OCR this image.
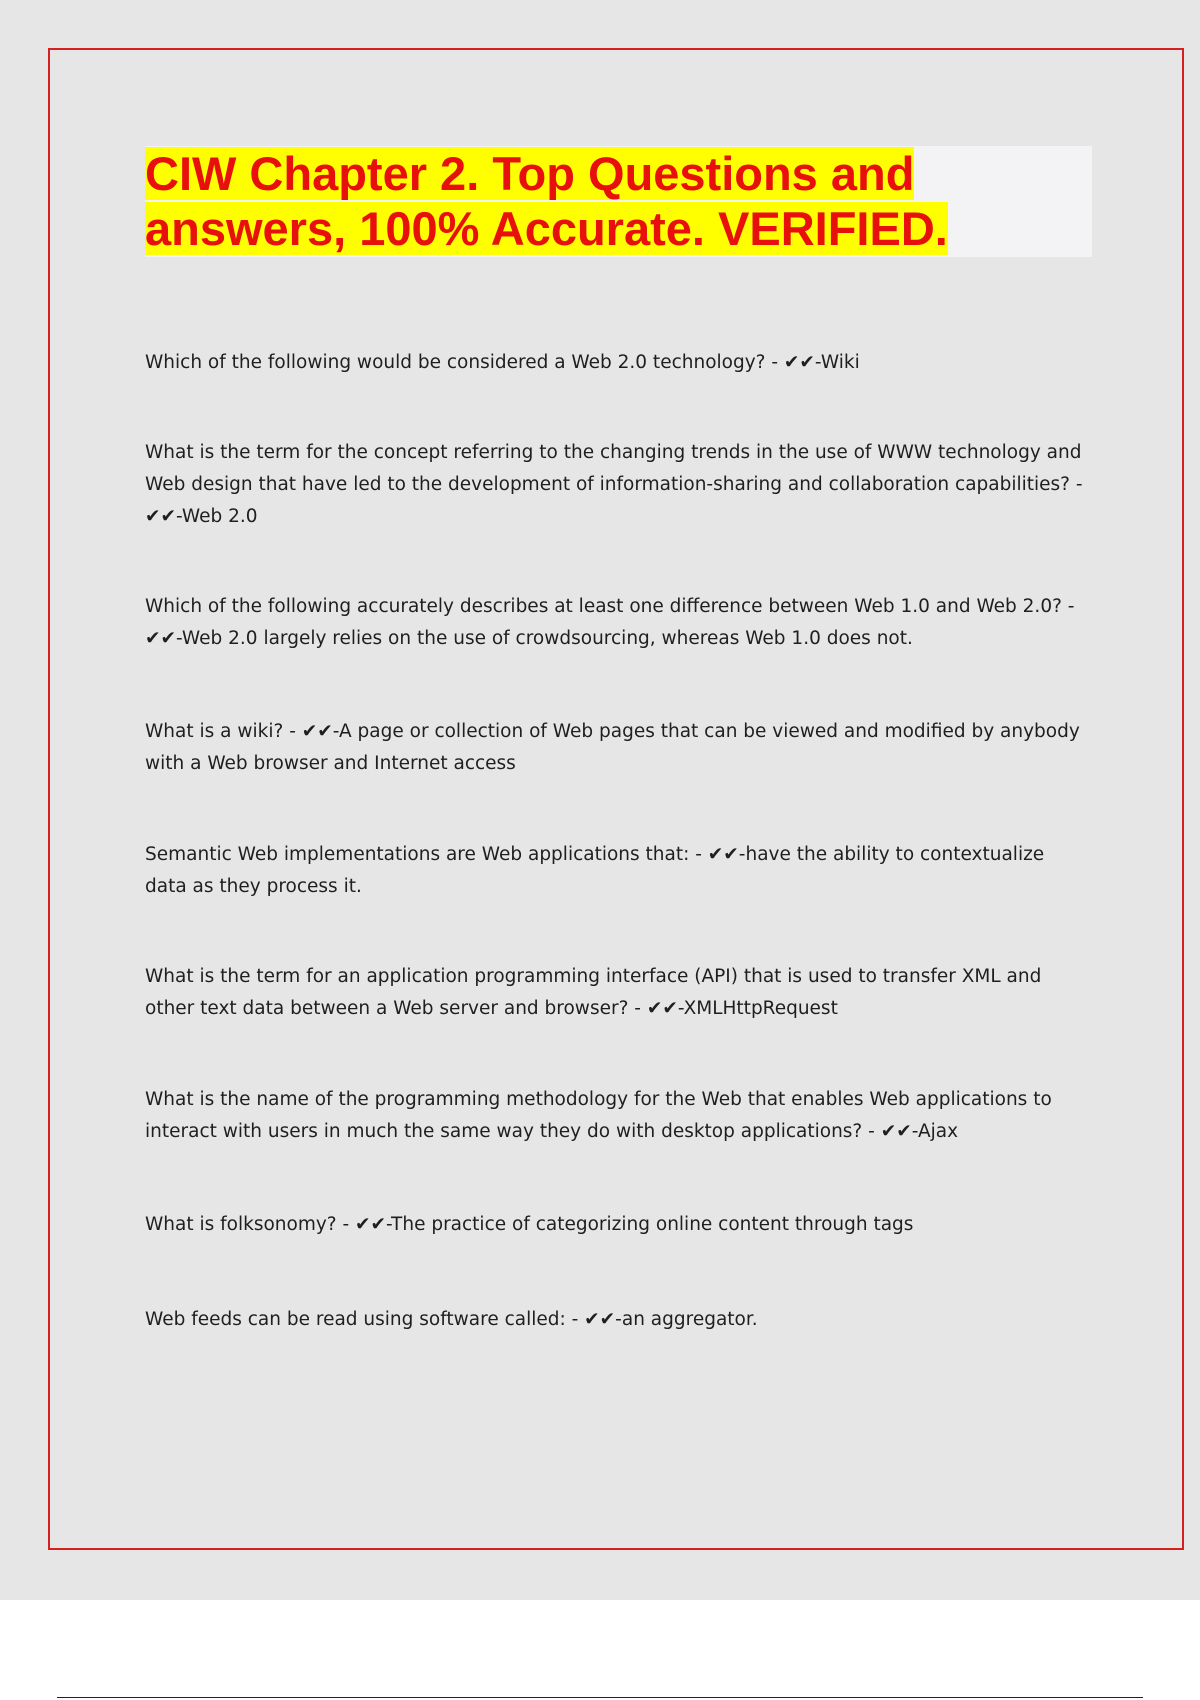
CIW Chapter 2. Top Questions and
answers, 100% Accurate. VERIFIED.

Which of the following would be considered a Web 2.0 technology? - ✔✔-Wiki

What is the term for the concept referring to the changing trends in the use of WWW technology and Web design that have led to the development of information-sharing and collaboration capabilities? - ✔✔-Web 2.0

Which of the following accurately describes at least one difference between Web 1.0 and Web 2.0? - ✔✔-Web 2.0 largely relies on the use of crowdsourcing, whereas Web 1.0 does not.

What is a wiki? - ✔✔-A page or collection of Web pages that can be viewed and modified by anybody with a Web browser and Internet access

Semantic Web implementations are Web applications that: - ✔✔-have the ability to contextualize data as they process it.

What is the term for an application programming interface (API) that is used to transfer XML and other text data between a Web server and browser? - ✔✔-XMLHttpRequest

What is the name of the programming methodology for the Web that enables Web applications to interact with users in much the same way they do with desktop applications? - ✔✔-Ajax

What is folksonomy? - ✔✔-The practice of categorizing online content through tags

Web feeds can be read using software called: - ✔✔-an aggregator.
